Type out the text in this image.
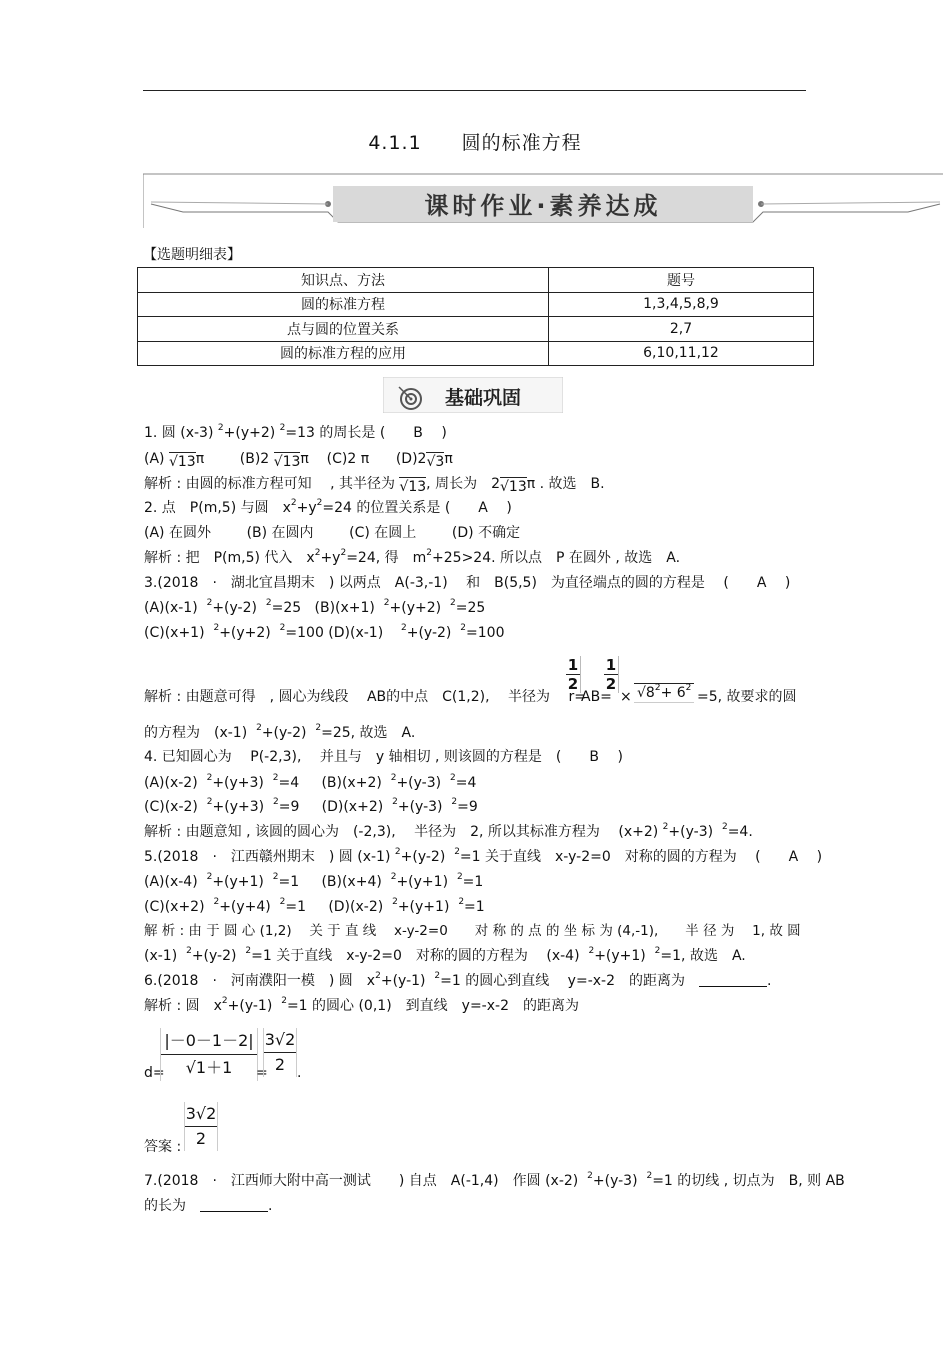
4.1.1　　圆的标准方程
课时作业·素养达成
【选题明细表】
知识点、方法	题号
圆的标准方程	1,3,4,5,8,9
点与圆的位置关系	2,7
圆的标准方程的应用	6,10,11,12
基础巩固
1. 圆 (x-3) $^2$+(y+2) $^2$=13 的周长是 (　　B　 )
(A) √13π	(B)2 √13π (C)2 π (D)2√3π
解析 : 由圆的标准方程可知　 , 其半径为 √13, 周长为　2√13π . 故选　B.
2. 点　P(m,5) 与圆　$x^2+y^2=24$ 的位置关系是 (　　A　 )
(A) 在圆外	(B) 在圆内	(C) 在圆上	(D) 不确定
解析 : 把　P(m,5) 代入　$x^2+y^2=24$, 得　$m^2+25>24$. 所以点　P 在圆外 , 故选　A.
3.(2018　·　湖北宜昌期末　) 以两点　A(-3,-1)　 和　B(5,5)　为直径端点的圆的方程是　 (　　A　 )
(A)(x-1) $^2$+(y-2) $^2$=25 (B)(x+1) $^2$+(y+2) $^2$=25
(C)(x+1) $^2$+(y+2) $^2$=100 (D)(x-1) $^2$+(y-2) $^2$=100
解析 : 由题意可得　, 圆心为线段　 AB的中点　C(1,2),　 半径为　 r=
$\frac{1}{2}$
AB=
$\frac{1}{2}$
× $√8^2+ 6^2$
=5, 故要求的圆
的方程为　(x-1) $^2$+(y-2) $^2$=25, 故选　A.
4. 已知圆心为　 P(-2,3),　 并且与　y 轴相切 , 则该圆的方程是　(　　B　 )
(A)(x-2) $^2$+(y+3) $^2$=4 (B)(x+2) $^2$+(y-3) $^2$=4
(C)(x-2) $^2$+(y+3) $^2$=9 (D)(x+2) $^2$+(y-3) $^2$=9
解析 : 由题意知 , 该圆的圆心为　(-2,3),　 半径为　2, 所以其标准方程为　 (x+2) $^2$+(y-3) $^2$=4.
5.(2018　·　江西赣州期末　) 圆 (x-1) $^2$+(y-2) $^2$=1 关于直线　x-y-2=0　对称的圆的方程为　 (　　A　 )
(A)(x-4) $^2$+(y+1) $^2$=1 (B)(x+4) $^2$+(y+1) $^2$=1
(C)(x+2) $^2$+(y+4) $^2$=1 (D)(x-2) $^2$+(y+1) $^2$=1
解 析 : 由 于 圆 心 (1,2)　 关 于 直 线　 x-y-2=0　　对 称 的 点 的 坐 标 为 (4,-1),　　半 径 为　 1, 故 圆
(x-1) $^2$+(y-2) $^2$=1 关于直线　x-y-2=0　对称的圆的方程为　 (x-4) $^2$+(y+1) $^2$=1, 故选　A.
6.(2018　·　河南濮阳一模　) 圆　$x^2+(y-1)$ $^2$=1 的圆心到直线　 y=-x-2　的距离为　	.
解析 : 圆　$x^2+(y-1)$ $^2$=1 的圆心 (0,1)　到直线　y=-x-2　的距离为
d=
$\frac{|-0-1-2|}{√1+1}$
=
$\frac{3√2}{2}$ .
答案 : $\frac{3√2}{2}$
7.(2018　·　江西师大附中高一测试　　) 自点　A(-1,4)　作圆 (x-2) $^2$+(y-3) $^2$=1 的切线 , 切点为　B, 则 AB
的长为　	.
